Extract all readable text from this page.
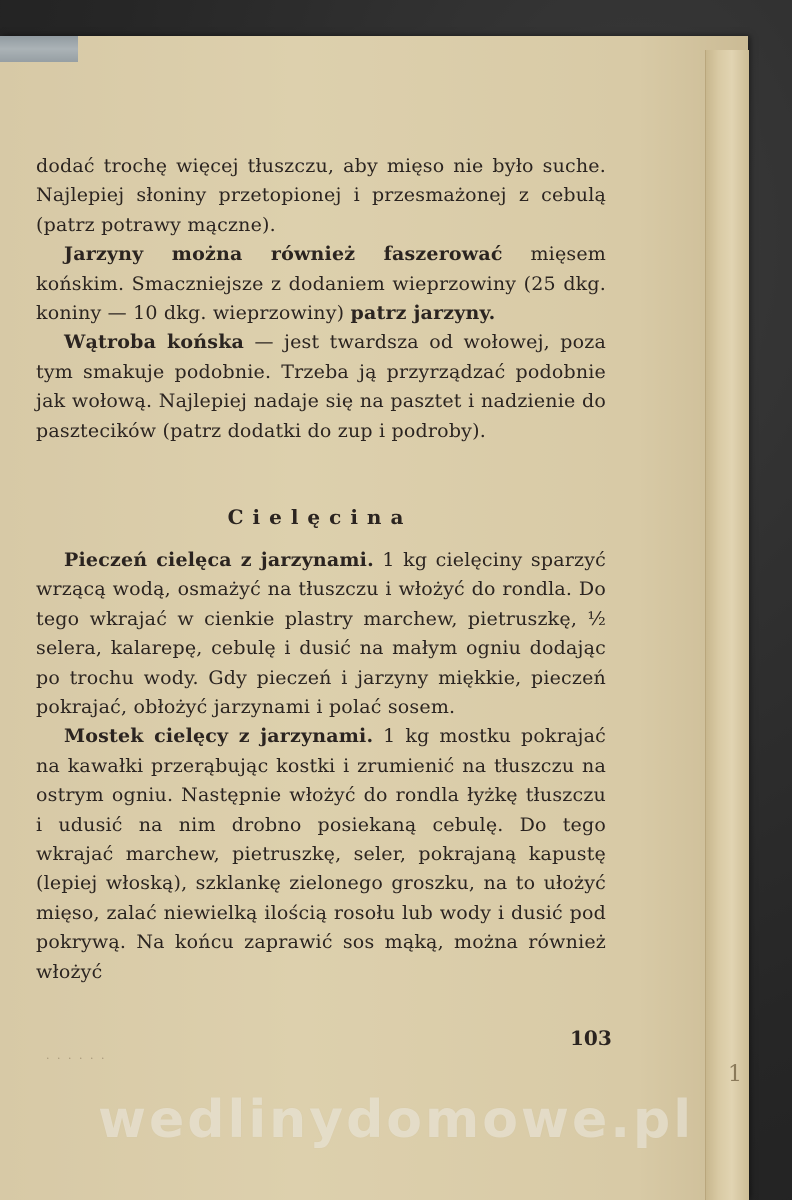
dodać trochę więcej tłuszczu, aby mięso nie było suche. Najlepiej słoniny przetopionej i przesmażonej z cebulą (patrz potrawy mączne).

Jarzyny można również faszerować mięsem końskim. Smaczniejsze z dodaniem wieprzowiny (25 dkg. koniny — 10 dkg. wieprzowiny) patrz jarzyny.

Wątroba końska — jest twardsza od wołowej, poza tym smakuje podobnie. Trzeba ją przyrządzać podobnie jak wołową. Najlepiej nadaje się na pasztet i nadzienie do pasztecików (patrz dodatki do zup i podroby).

Cielęcina

Pieczeń cielęca z jarzynami. 1 kg cielęciny sparzyć wrzącą wodą, osmażyć na tłuszczu i włożyć do rondla. Do tego wkrajać w cienkie plastry marchew, pietruszkę, ½ selera, kalarepę, cebulę i dusić na małym ogniu dodając po trochu wody. Gdy pieczeń i jarzyny miękkie, pieczeń pokrajać, obłożyć jarzynami i polać sosem.

Mostek cielęcy z jarzynami. 1 kg mostku pokrajać na kawałki przerąbując kostki i zrumienić na tłuszczu na ostrym ogniu. Następnie włożyć do rondla łyżkę tłuszczu i udusić na nim drobno posiekaną cebulę. Do tego wkrajać marchew, pietruszkę, seler, pokrajaną kapustę (lepiej włoską), szklankę zielonego groszku, na to ułożyć mięso, zalać niewielką ilością rosołu lub wody i dusić pod pokrywą. Na końcu zaprawić sos mąką, można również włożyć

103
· · · · · ·
wedlinydomowe.pl
1
